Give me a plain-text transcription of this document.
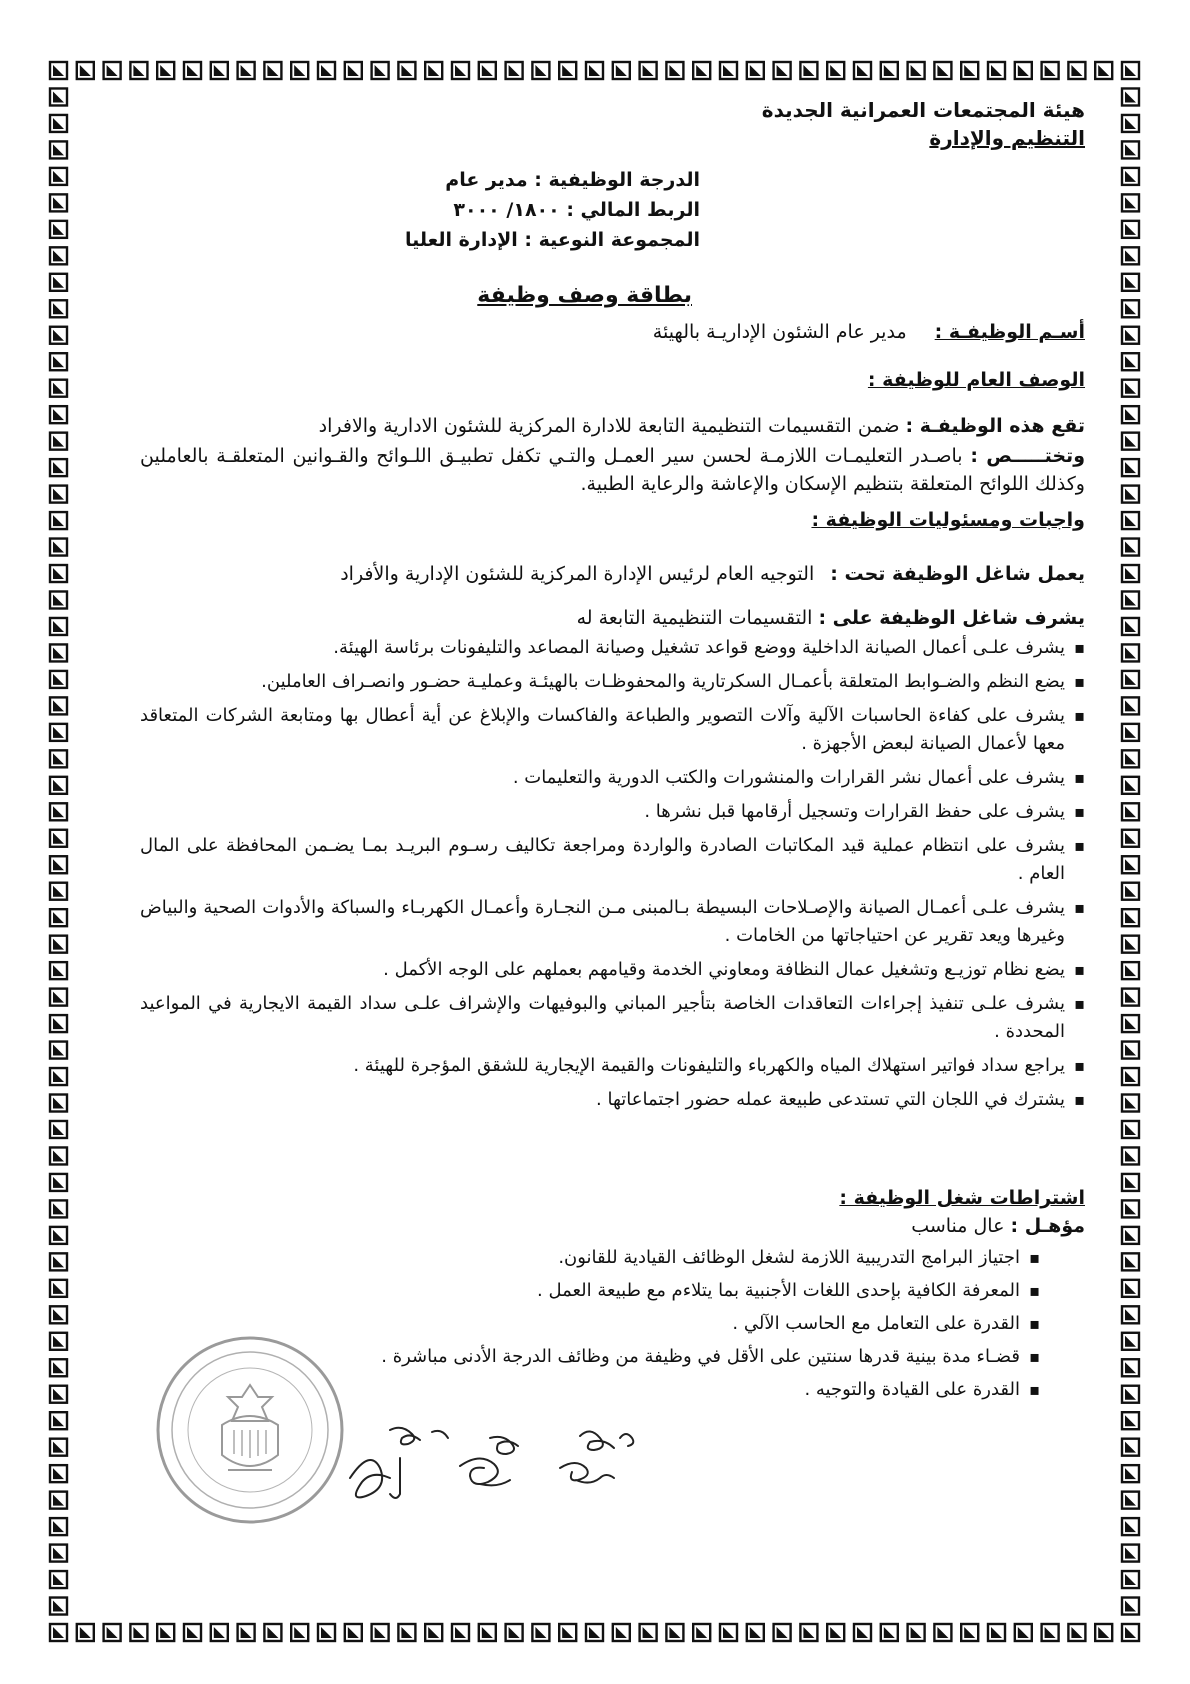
هيئة المجتمعات العمرانية الجديدة
التنظيم والإدارة
الدرجة الوظيفية : مدير عام
الربط المالي : ١٨٠٠/ ٣٠٠٠
المجموعة النوعية : الإدارة العليا
بطاقة وصف وظيفة
أسـم الوظيفـة : مدير عام الشئون الإداريـة بالهيئة
الوصف العام للوظيفة :
تقع هذه الوظيفـة : ضمن التقسيمات التنظيمية التابعة للادارة المركزية للشئون الادارية والافراد
وتختـــــص : باصـدر التعليمـات اللازمـة لحسن سير العمـل والتـي تكفل تطبيـق اللـوائح والقـوانين المتعلقـة بالعاملين وكذلك اللوائح المتعلقة بتنظيم الإسكان والإعاشة والرعاية الطبية.
واجبات ومسئوليات الوظيفة :
يعمل شاغل الوظيفة تحت : التوجيه العام لرئيس الإدارة المركزية للشئون الإدارية والأفراد
يشرف شاغل الوظيفة على : التقسيمات التنظيمية التابعة له
▪ يشرف علـى أعمال الصيانة الداخلية ووضع قواعد تشغيل وصيانة المصاعد والتليفونات برئاسة الهيئة.
▪ يضع النظم والضـوابط المتعلقة بأعمـال السكرتارية والمحفوظـات بالهيئـة وعمليـة حضـور وانصـراف العاملين.
▪ يشرف على كفاءة الحاسبات الآلية وآلات التصوير والطباعة والفاكسات والإبلاغ عن أية أعطال بها ومتابعة الشركات المتعاقد معها لأعمال الصيانة لبعض الأجهزة .
▪ يشرف على أعمال نشر القرارات والمنشورات والكتب الدورية والتعليمات .
▪ يشرف على حفظ القرارات وتسجيل أرقامها قبل نشرها .
▪ يشرف على انتظام عملية قيد المكاتبات الصادرة والواردة ومراجعة تكاليف رسـوم البريـد بمـا يضـمن المحافظة على المال العام .
▪ يشرف علـى أعمـال الصيانة والإصـلاحات البسيطة بـالمبنى مـن النجـارة وأعمـال الكهربـاء والسباكة والأدوات الصحية والبياض وغيرها ويعد تقرير عن احتياجاتها من الخامات .
▪ يضع نظام توزيـع وتشغيل عمال النظافة ومعاوني الخدمة وقيامهم بعملهم على الوجه الأكمل .
▪ يشرف علـى تنفيذ إجراءات التعاقدات الخاصة بتأجير المباني والبوفيهات والإشراف علـى سداد القيمة الايجارية في المواعيد المحددة .
▪ يراجع سداد فواتير استهلاك المياه والكهرباء والتليفونات والقيمة الإيجارية للشقق المؤجرة للهيئة .
▪ يشترك في اللجان التي تستدعى طبيعة عمله حضور اجتماعاتها .
اشتراطات شغل الوظيفة :
مؤهـل : عال مناسب
▪ اجتياز البرامج التدريبية اللازمة لشغل الوظائف القيادية للقانون.
▪ المعرفة الكافية بإحدى اللغات الأجنبية بما يتلاءم مع طبيعة العمل .
▪ القدرة على التعامل مع الحاسب الآلي .
▪ قضـاء مدة بينية قدرها سنتين على الأقل في وظيفة من وظائف الدرجة الأدنى مباشرة .
▪ القدرة على القيادة والتوجيه .
